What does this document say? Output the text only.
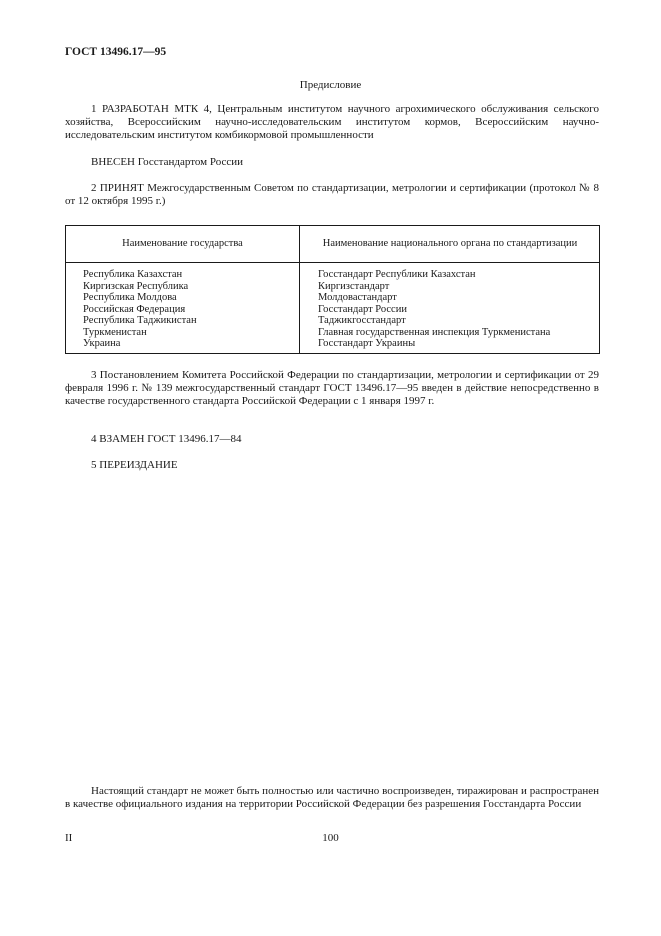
ГОСТ 13496.17—95
Предисловие
1 РАЗРАБОТАН МТК 4, Центральным институтом научного агрохимического обслуживания сельского хозяйства, Всероссийским научно-исследовательским институтом кормов, Всероссийским научно-исследовательским институтом комбикормовой промышленности
ВНЕСЕН Госстандартом России
2 ПРИНЯТ Межгосударственным Советом по стандартизации, метрологии и сертификации (протокол № 8 от 12 октября 1995 г.)
Наименование государства	Наименование национального органа по стандартизации
Республика Казахстан
Киргизская Республика
Республика Молдова
Российская Федерация
Республика Таджикистан
Туркменистан
Украина
Госстандарт Республики Казахстан
Киргизстандарт
Молдовастандарт
Госстандарт России
Таджикгосстандарт
Главная государственная инспекция Туркменистана
Госстандарт Украины
3 Постановлением Комитета Российской Федерации по стандартизации, метрологии и сертификации от 29 февраля 1996 г. № 139 межгосударственный стандарт ГОСТ 13496.17—95 введен в действие непосредственно в качестве государственного стандарта Российской Федерации с 1 января 1997 г.
4 ВЗАМЕН ГОСТ 13496.17—84
5 ПЕРЕИЗДАНИЕ
Настоящий стандарт не может быть полностью или частично воспроизведен, тиражирован и распространен в качестве официального издания на территории Российской Федерации без разрешения Госстандарта России
II	100
